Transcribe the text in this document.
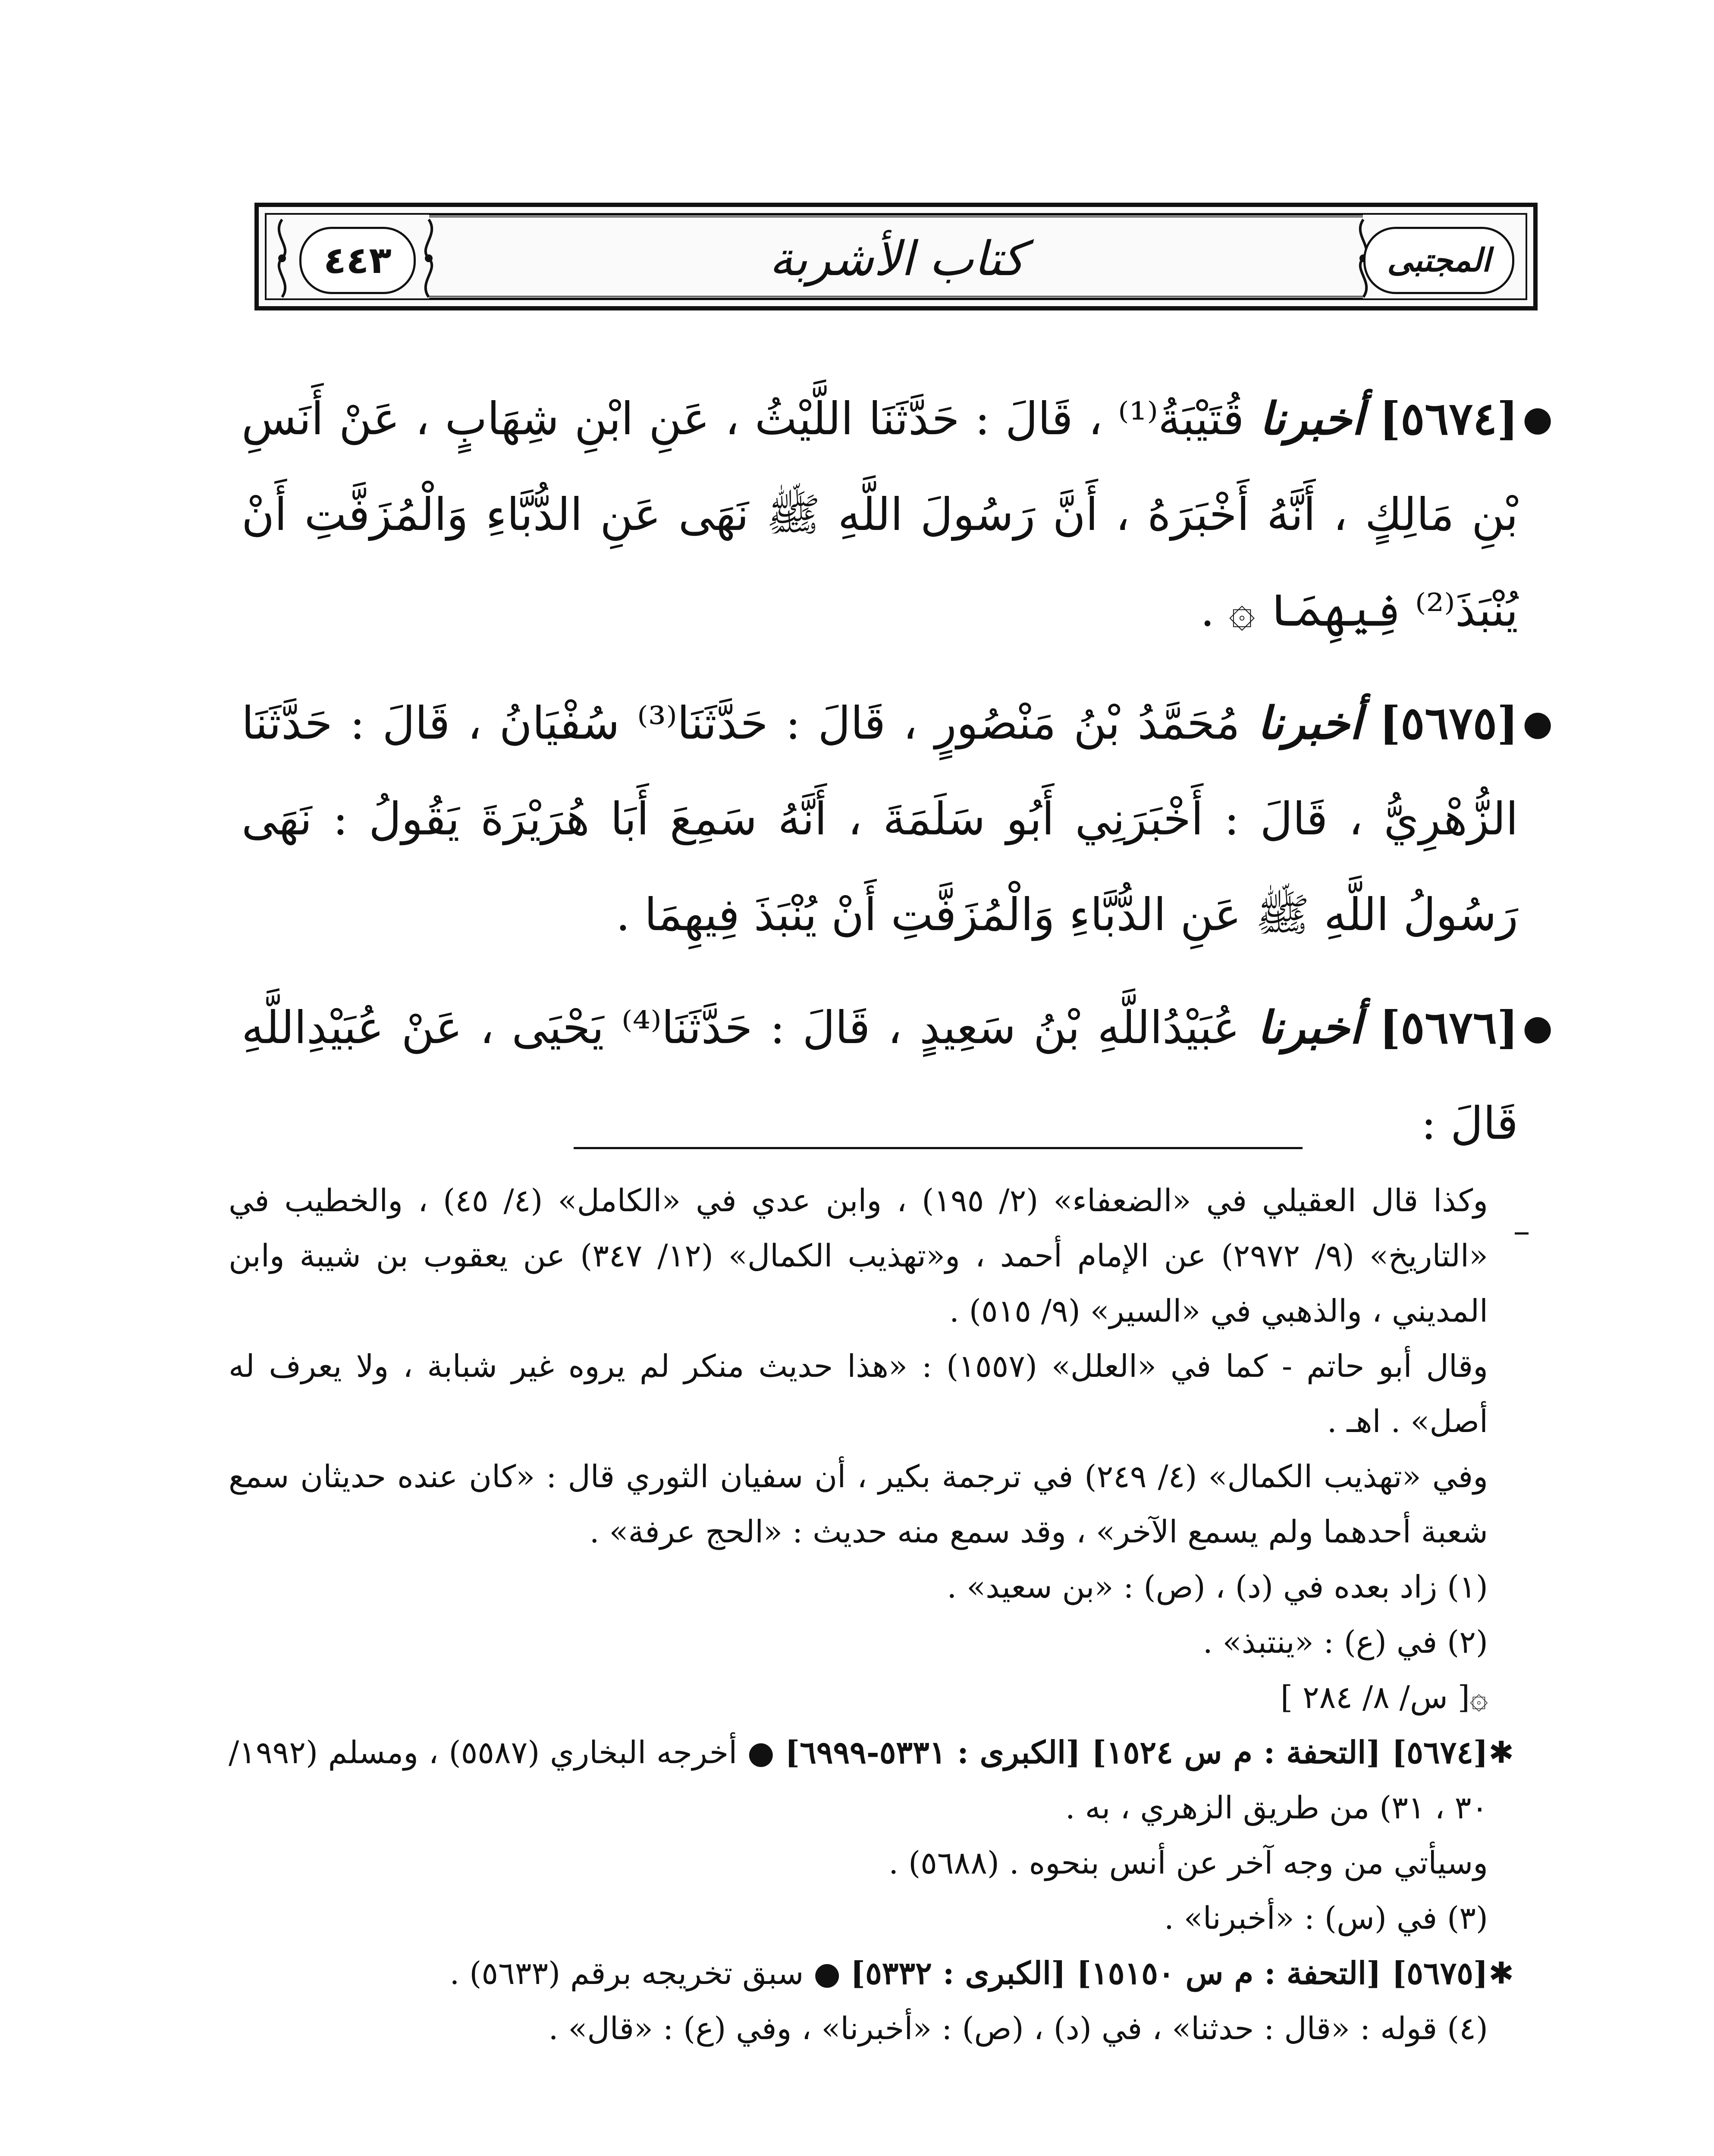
٤٤٣	كتاب الأشربة	المجتبى
●
[٥٦٧٤] أخبرنا قُتَيْبَةُ⁽¹⁾ ، قَالَ : حَدَّثَنَا اللَّيْثُ ، عَنِ ابْنِ شِهَابٍ ، عَنْ أَنَسِ بْنِ مَالِكٍ ، أَنَّهُ أَخْبَرَهُ ، أَنَّ رَسُولَ اللَّهِ ﷺ نَهَى عَنِ الدُّبَّاءِ وَالْمُزَفَّتِ أَنْ يُنْبَذَ⁽²⁾ فِيهِمَا ۞ .
●
[٥٦٧٥] أخبرنا مُحَمَّدُ بْنُ مَنْصُورٍ ، قَالَ : حَدَّثَنَا⁽³⁾ سُفْيَانُ ، قَالَ : حَدَّثَنَا الزُّهْرِيُّ ، قَالَ : أَخْبَرَنِي أَبُو سَلَمَةَ ، أَنَّهُ سَمِعَ أَبَا هُرَيْرَةَ يَقُولُ : نَهَى رَسُولُ اللَّهِ ﷺ عَنِ الدُّبَّاءِ وَالْمُزَفَّتِ أَنْ يُنْبَذَ فِيهِمَا .
●
[٥٦٧٦] أخبرنا عُبَيْدُاللَّهِ بْنُ سَعِيدٍ ، قَالَ : حَدَّثَنَا⁽⁴⁾ يَحْيَى ، عَنْ عُبَيْدِاللَّهِ قَالَ :

وكذا قال العقيلي في «الضعفاء» (٢/ ١٩٥) ، وابن عدي في «الكامل» (٤/ ٤٥) ، والخطيب في «التاريخ» (٩/ ٢٩٧٢) عن الإمام أحمد ، و«تهذيب الكمال» (١٢/ ٣٤٧) عن يعقوب بن شيبة وابن المديني ، والذهبي في «السير» (٩/ ٥١٥) .

وقال أبو حاتم - كما في «العلل» (١٥٥٧) : «هذا حديث منكر لم يروه غير شبابة ، ولا يعرف له أصل» . اهـ .

وفي «تهذيب الكمال» (٤/ ٢٤٩) في ترجمة بكير ، أن سفيان الثوري قال : «كان عنده حديثان سمع شعبة أحدهما ولم يسمع الآخر» ، وقد سمع منه حديث : «الحج عرفة» .

(١) زاد بعده في (د) ، (ص) : «بن سعيد» .

(٢) في (ع) : «ينتبذ» .

۞[ س/ ٨/ ٢٨٤ ]

✱
[٥٦٧٤] [التحفة : م س ١٥٢٤] [الكبرى : ٥٣٣١-٦٩٩٩] ● أخرجه البخاري (٥٥٨٧) ، ومسلم (١٩٩٢/ ٣٠ ، ٣١) من طريق الزهري ، به .

وسيأتي من وجه آخر عن أنس بنحوه . (٥٦٨٨) .

(٣) في (س) : «أخبرنا» .

✱
[٥٦٧٥] [التحفة : م س ١٥١٥٠] [الكبرى : ٥٣٣٢] ● سبق تخريجه برقم (٥٦٣٣) .

(٤) قوله : «قال : حدثنا» ، في (د) ، (ص) : «أخبرنا» ، وفي (ع) : «قال» .
